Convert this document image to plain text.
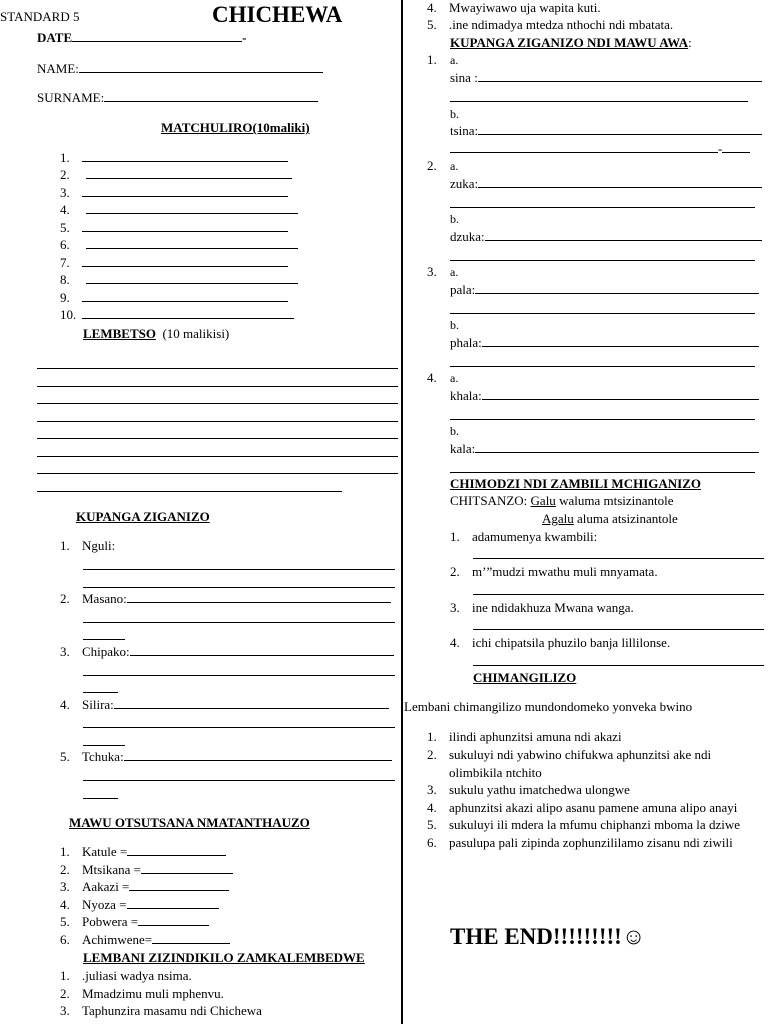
STANDARD 5	CHICHEWA
DATE	-
NAME:
SURNAME:
MATCHULIRO(10maliki)
1.
2.
3.
4.
5.
6.
7.
8.
9.
10.
LEMBETSO (10 malikisi)
KUPANGA ZIGANIZO
1. Nguli:
2. Masano:
3. Chipako:
4. Silira:
5. Tchuka:
MAWU OTSUTSANA NMATANTHAUZO
1. Katule =
2. Mtsikana =
3. Aakazi =
4. Nyoza =
5. Pobwera =
6. Achimwene=
LEMBANI ZIZINDIKILO ZAMKALEMBEDWE
1. .juliasi wadya nsima.
2. Mmadzimu muli mphenvu.
3. Taphunzira masamu ndi Chichewa
4. Mwayiwawo uja wapita kuti.
5. .ine ndimadya mtedza nthochi ndi mbatata.
KUPANGA ZIGANIZO NDI MAWU AWA:
1. a.
sina :
b.
tsina:
-
2. a.
zuka:
b.
dzuka:
3. a.
pala:
b.
phala:
4. a.
khala:
b.
kala:
CHIMODZI NDI ZAMBILI MCHIGANIZO
CHITSANZO: Galu waluma mtsizinantole
Agalu aluma atsizinantole
1. adamumenya kwambili:
2. m’”mudzi mwathu muli mnyamata.
3. ine ndidakhuza Mwana wanga.
4. ichi chipatsila phuzilo banja lillilonse.
CHIMANGILIZO
Lembani chimangilizo mundondomeko yonveka bwino
1. ilindi aphunzitsi amuna ndi akazi
2. sukuluyi ndi yabwino chifukwa aphunzitsi ake ndi
olimbikila ntchito
3. sukulu yathu imatchedwa ulongwe
4. aphunzitsi akazi alipo asanu pamene amuna alipo anayi
5. sukuluyi ili mdera la mfumu chiphanzi mboma la dziwe
6. pasulupa pali zipinda zophunzililamo zisanu ndi ziwili
THE END!!!!!!!!!☺
